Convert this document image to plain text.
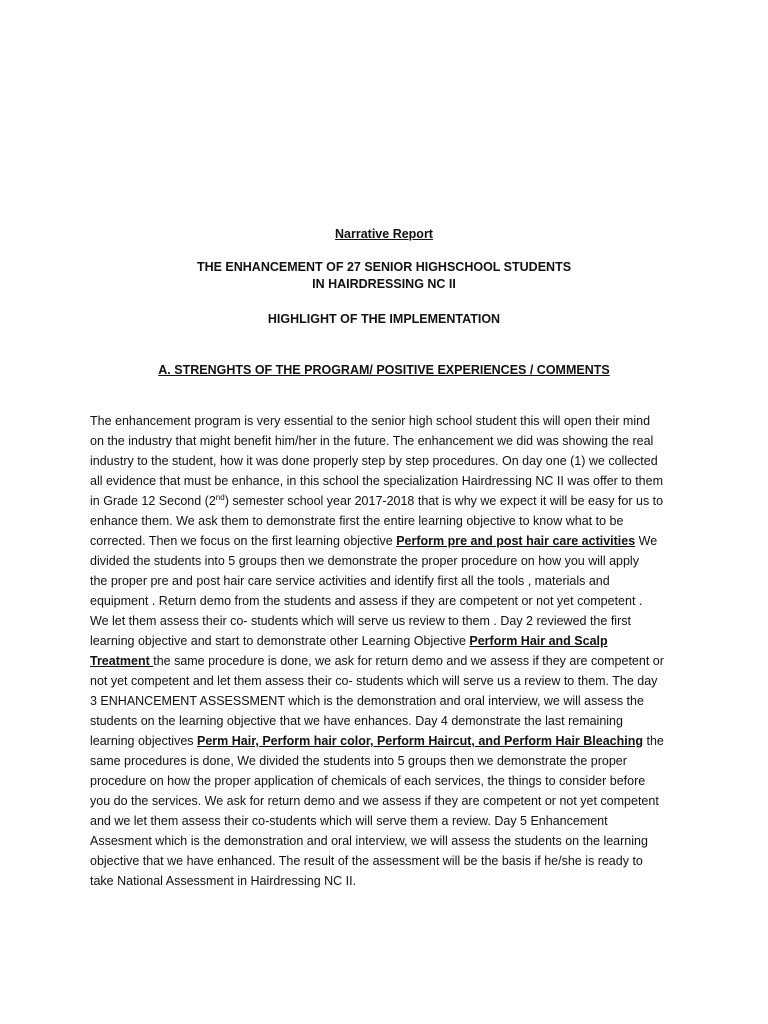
Narrative Report
THE ENHANCEMENT OF 27 SENIOR HIGHSCHOOL STUDENTS
IN HAIRDRESSING NC II
HIGHLIGHT OF THE IMPLEMENTATION
A. STRENGHTS OF THE PROGRAM/ POSITIVE EXPERIENCES / COMMENTS
The enhancement program is very essential to the senior high school student this will open their mind
on the industry that might benefit him/her in the future. The enhancement we did was showing the real
industry to the student, how it was done properly step by step procedures. On day one (1) we collected
all evidence that must be enhance, in this school the specialization Hairdressing NC II was offer to them
in Grade 12 Second (2nd) semester school year 2017-2018 that is why we expect it will be easy for us to
enhance them. We ask them to demonstrate first the entire learning objective to know what to be
corrected. Then we focus on the first learning objective Perform pre and post hair care activities We
divided the students into 5 groups then we demonstrate the proper procedure on how you will apply
the proper pre and post hair care service activities and identify first all the tools , materials and
equipment . Return demo from the students and assess if they are competent or not yet competent .
We let them assess their co- students which will serve us review to them . Day 2 reviewed the first
learning objective and start to demonstrate other Learning Objective Perform Hair and Scalp
Treatment the same procedure is done, we ask for return demo and we assess if they are competent or
not yet competent and let them assess their co- students which will serve us a review to them. The day
3 ENHANCEMENT ASSESSMENT which is the demonstration and oral interview, we will assess the
students on the learning objective that we have enhances. Day 4 demonstrate the last remaining
learning objectives Perm Hair, Perform hair color, Perform Haircut, and Perform Hair Bleaching the
same procedures is done, We divided the students into 5 groups then we demonstrate the proper
procedure on how the proper application of chemicals of each services, the things to consider before
you do the services. We ask for return demo and we assess if they are competent or not yet competent
and we let them assess their co-students which will serve them a review. Day 5 Enhancement
Assesment which is the demonstration and oral interview, we will assess the students on the learning
objective that we have enhanced. The result of the assessment will be the basis if he/she is ready to
take National Assessment in Hairdressing NC II.
